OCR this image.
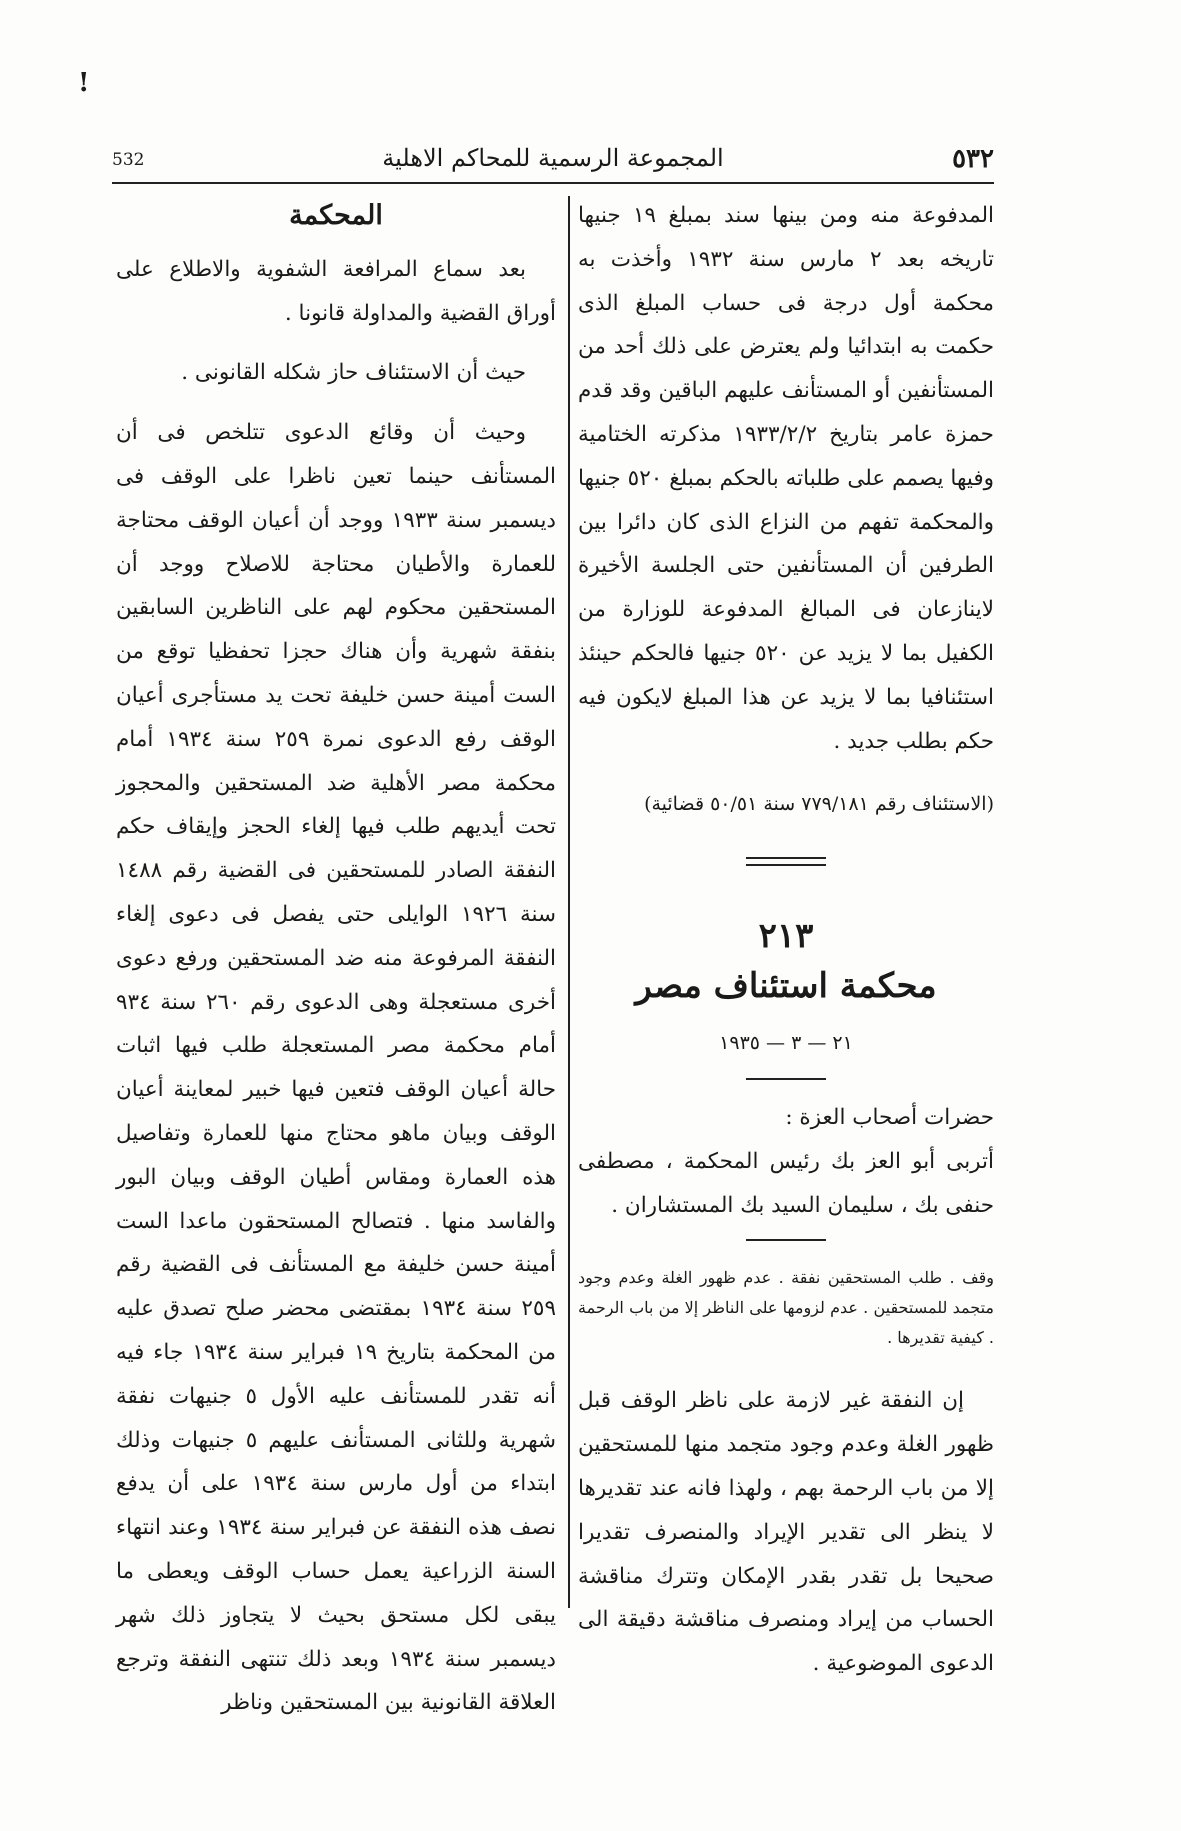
!
532	المجموعة الرسمية للمحاكم الاهلية	٥٣٢

المدفوعة منه ومن بينها سند بمبلغ ١٩ جنيها تاريخه بعد ٢ مارس سنة ١٩٣٢ وأخذت به محكمة أول درجة فى حساب المبلغ الذى حكمت به ابتدائيا ولم يعترض على ذلك أحد من المستأنفين أو المستأنف عليهم الباقين وقد قدم حمزة عامر بتاريخ ١٩٣٣/٢/٢ مذكرته الختامية وفيها يصمم على طلباته بالحكم بمبلغ ٥٢٠ جنيها والمحكمة تفهم من النزاع الذى كان دائرا بين الطرفين أن المستأنفين حتى الجلسة الأخيرة لاينازعان فى المبالغ المدفوعة للوزارة من الكفيل بما لا يزيد عن ٥٢٠ جنيها فالحكم حينئذ استئنافيا بما لا يزيد عن هذا المبلغ لايكون فيه حكم بطلب جديد .

(الاستئناف رقم ٧٧٩/١٨١ سنة ٥٠/٥١ قضائية)

٢١٣

محكمة استئناف مصر

٢١ — ٣ — ١٩٣٥

حضرات أصحاب العزة :

أتربى أبو العز بك رئيس المحكمة ، مصطفى حنفى بك ، سليمان السيد بك المستشاران .

وقف . طلب المستحقين نفقة . عدم ظهور الغلة وعدم وجود متجمد للمستحقين . عدم لزومها على الناظر إلا من باب الرحمة . كيفية تقديرها .

إن النفقة غير لازمة على ناظر الوقف قبل ظهور الغلة وعدم وجود متجمد منها للمستحقين إلا من باب الرحمة بهم ، ولهذا فانه عند تقديرها لا ينظر الى تقدير الإيراد والمنصرف تقديرا صحيحا بل تقدر بقدر الإمكان وتترك مناقشة الحساب من إيراد ومنصرف مناقشة دقيقة الى الدعوى الموضوعية .

المحكمة

بعد سماع المرافعة الشفوية والاطلاع على أوراق القضية والمداولة قانونا .

حيث أن الاستئناف حاز شكله القانونى .

وحيث أن وقائع الدعوى تتلخص فى أن المستأنف حينما تعين ناظرا على الوقف فى ديسمبر سنة ١٩٣٣ ووجد أن أعيان الوقف محتاجة للعمارة والأطيان محتاجة للاصلاح ووجد أن المستحقين محكوم لهم على الناظرين السابقين بنفقة شهرية وأن هناك حجزا تحفظيا توقع من الست أمينة حسن خليفة تحت يد مستأجرى أعيان الوقف رفع الدعوى نمرة ٢٥٩ سنة ١٩٣٤ أمام محكمة مصر الأهلية ضد المستحقين والمحجوز تحت أيديهم طلب فيها إلغاء الحجز وإيقاف حكم النفقة الصادر للمستحقين فى القضية رقم ١٤٨٨ سنة ١٩٢٦ الوايلى حتى يفصل فى دعوى إلغاء النفقة المرفوعة منه ضد المستحقين ورفع دعوى أخرى مستعجلة وهى الدعوى رقم ٢٦٠ سنة ٩٣٤ أمام محكمة مصر المستعجلة طلب فيها اثبات حالة أعيان الوقف فتعين فيها خبير لمعاينة أعيان الوقف وبيان ماهو محتاج منها للعمارة وتفاصيل هذه العمارة ومقاس أطيان الوقف وبيان البور والفاسد منها . فتصالح المستحقون ماعدا الست أمينة حسن خليفة مع المستأنف فى القضية رقم ٢٥٩ سنة ١٩٣٤ بمقتضى محضر صلح تصدق عليه من المحكمة بتاريخ ١٩ فبراير سنة ١٩٣٤ جاء فيه أنه تقدر للمستأنف عليه الأول ٥ جنيهات نفقة شهرية وللثانى المستأنف عليهم ٥ جنيهات وذلك ابتداء من أول مارس سنة ١٩٣٤ على أن يدفع نصف هذه النفقة عن فبراير سنة ١٩٣٤ وعند انتهاء السنة الزراعية يعمل حساب الوقف ويعطى ما يبقى لكل مستحق بحيث لا يتجاوز ذلك شهر ديسمبر سنة ١٩٣٤ وبعد ذلك تنتهى النفقة وترجع العلاقة القانونية بين المستحقين وناظر
